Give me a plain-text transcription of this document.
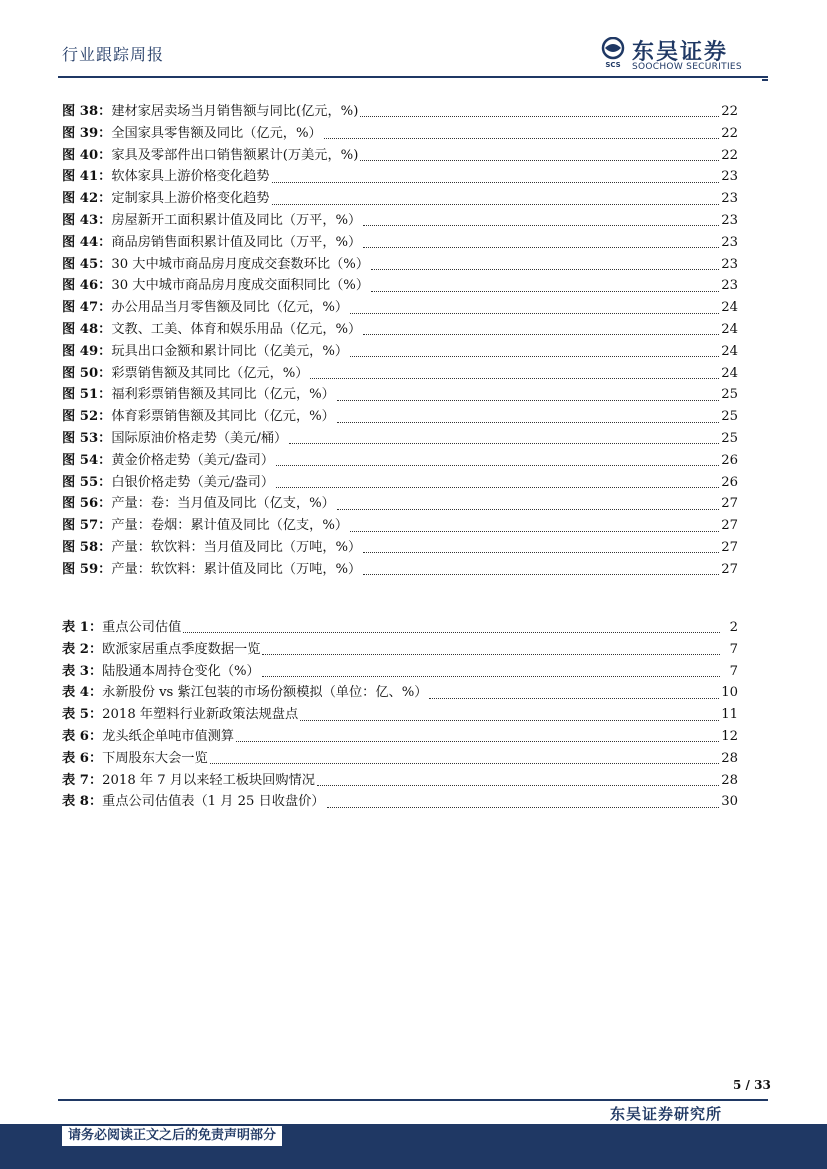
行业跟踪周报
SCS 东吴证券
SOOCHOW SECURITIES
图 38： 建材家居卖场当月销售额与同比(亿元，%)	22
图 39： 全国家具零售额及同比（亿元，%）	22
图 40： 家具及零部件出口销售额累计(万美元，%)	22
图 41： 软体家具上游价格变化趋势	23
图 42： 定制家具上游价格变化趋势	23
图 43： 房屋新开工面积累计值及同比（万平，%）	23
图 44： 商品房销售面积累计值及同比（万平，%）	23
图 45： 30 大中城市商品房月度成交套数环比（%）	23
图 46： 30 大中城市商品房月度成交面积同比（%）	23
图 47： 办公用品当月零售额及同比（亿元，%）	24
图 48： 文教、工美、体育和娱乐用品（亿元，%）	24
图 49： 玩具出口金额和累计同比（亿美元，%）	24
图 50： 彩票销售额及其同比（亿元，%）	24
图 51： 福利彩票销售额及其同比（亿元，%）	25
图 52： 体育彩票销售额及其同比（亿元，%）	25
图 53： 国际原油价格走势（美元/桶）	25
图 54： 黄金价格走势（美元/盎司）	26
图 55： 白银价格走势（美元/盎司）	26
图 56： 产量：卷：当月值及同比（亿支，%）	27
图 57： 产量：卷烟：累计值及同比（亿支，%）	27
图 58： 产量：软饮料：当月值及同比（万吨，%）	27
图 59： 产量：软饮料：累计值及同比（万吨，%）	27
表 1： 重点公司估值	2
表 2： 欧派家居重点季度数据一览	7
表 3： 陆股通本周持仓变化（%）	7
表 4： 永新股份 vs 紫江包装的市场份额模拟（单位：亿、%）	10
表 5： 2018 年塑料行业新政策法规盘点	11
表 6： 龙头纸企单吨市值测算	12
表 6： 下周股东大会一览	28
表 7： 2018 年 7 月以来轻工板块回购情况	28
表 8： 重点公司估值表（1 月 25 日收盘价）	30
5 / 33
东吴证券研究所
请务必阅读正文之后的免责声明部分
